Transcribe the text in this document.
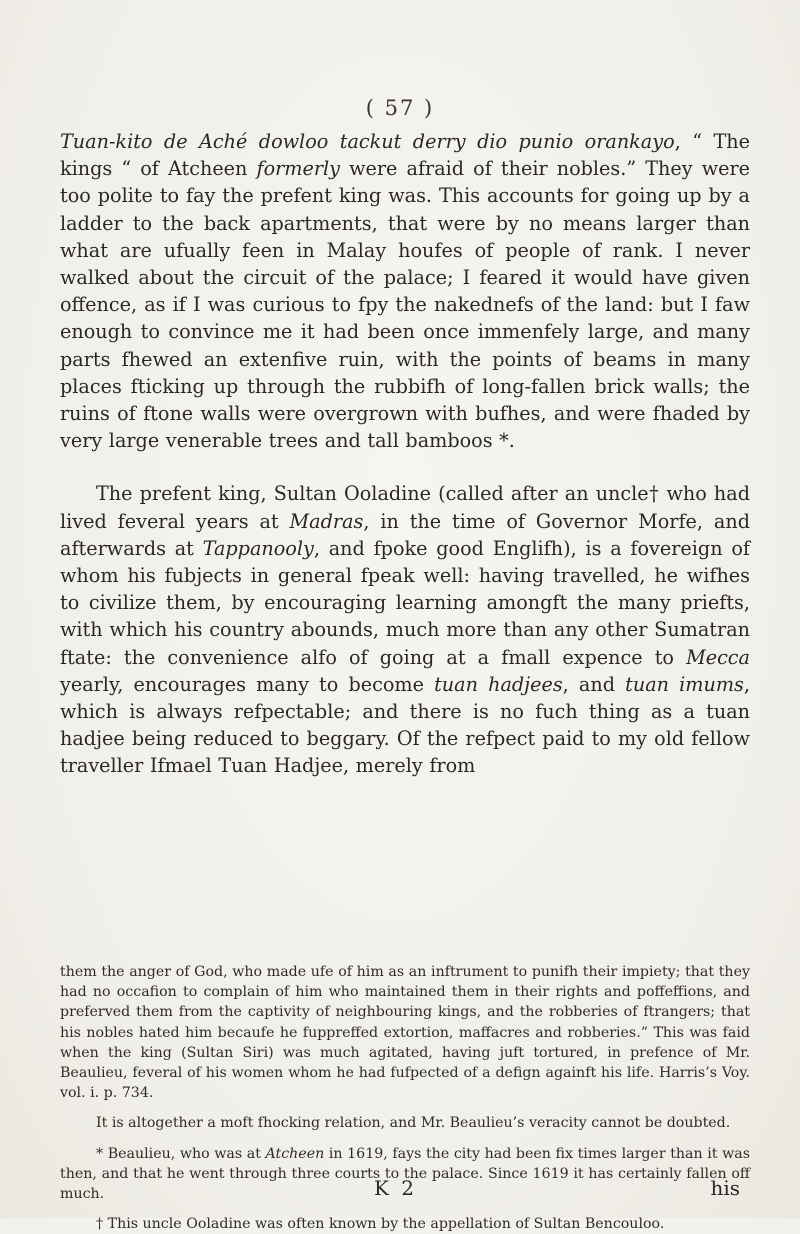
( 57 )

Tuan-kito de Aché dowloo tackut derry dio punio orankayo, “ The kings “ of Atcheen formerly were afraid of their nobles.” They were too polite to fay the prefent king was. This accounts for going up by a ladder to the back apartments, that were by no means larger than what are ufually feen in Malay houfes of people of rank. I never walked about the circuit of the palace; I feared it would have given offence, as if I was curious to fpy the nakednefs of the land: but I faw enough to convince me it had been once immenfely large, and many parts fhewed an extenfive ruin, with the points of beams in many places fticking up through the rubbifh of long-fallen brick walls; the ruins of ftone walls were overgrown with bufhes, and were fhaded by very large venerable trees and tall bamboos *.

The prefent king, Sultan Ooladine (called after an uncle† who had lived feveral years at Madras, in the time of Governor Morfe, and afterwards at Tappanooly, and fpoke good Englifh), is a fovereign of whom his fubjects in general fpeak well: having travelled, he wifhes to civilize them, by encouraging learning amongft the many priefts, with which his country abounds, much more than any other Sumatran ftate: the convenience alfo of going at a fmall expence to Mecca yearly, encourages many to become tuan hadjees, and tuan imums, which is always refpectable; and there is no fuch thing as a tuan hadjee being reduced to beggary. Of the refpect paid to my old fellow traveller Ifmael Tuan Hadjee, merely from

them the anger of God, who made ufe of him as an inftrument to punifh their impiety; that they had no occafion to complain of him who maintained them in their rights and poffeffions, and preferved them from the captivity of neighbouring kings, and the robberies of ftrangers; that his nobles hated him becaufe he fuppreffed extortion, maffacres and robberies.” This was faid when the king (Sultan Siri) was much agitated, having juft tortured, in prefence of Mr. Beaulieu, feveral of his women whom he had fufpected of a defign againft his life. Harris’s Voy. vol. i. p. 734.

It is altogether a moft fhocking relation, and Mr. Beaulieu’s veracity cannot be doubted.

* Beaulieu, who was at Atcheen in 1619, fays the city had been fix times larger than it was then, and that he went through three courts to the palace. Since 1619 it has certainly fallen off much.

† This uncle Ooladine was often known by the appellation of Sultan Bencouloo.

K 2	his
